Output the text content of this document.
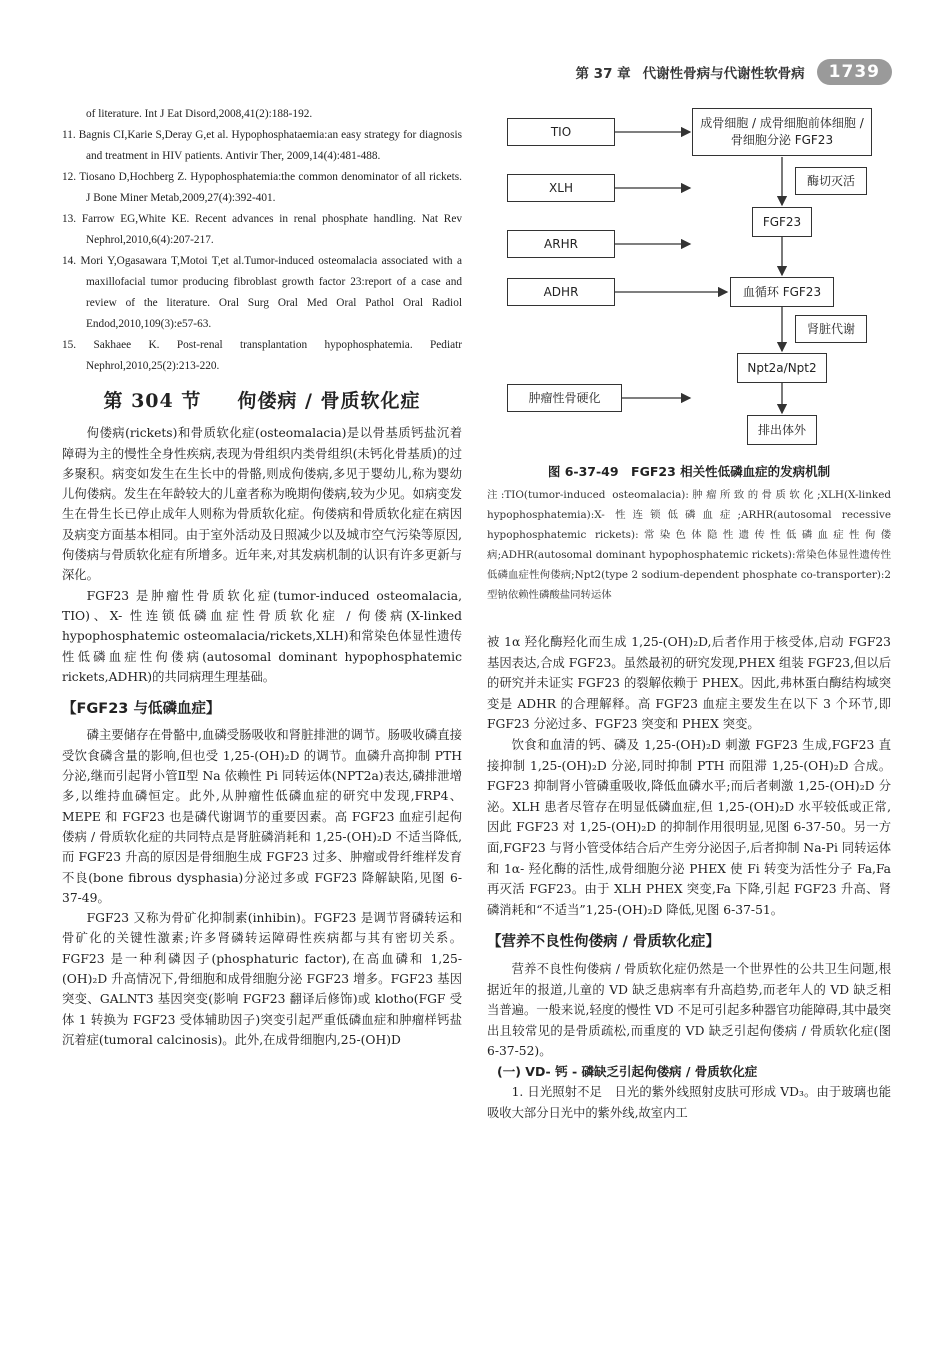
第 37 章 代谢性骨病与代谢性软骨病	1739

of literature. Int J Eat Disord,2008,41(2):188-192.

11. Bagnis CI,Karie S,Deray G,et al. Hypophosphataemia:an easy strategy for diagnosis and treatment in HIV patients. Antivir Ther, 2009,14(4):481-488.

12. Tiosano D,Hochberg Z. Hypophosphatemia:the common denominator of all rickets. J Bone Miner Metab,2009,27(4):392-401.

13. Farrow EG,White KE. Recent advances in renal phosphate handling. Nat Rev Nephrol,2010,6(4):207-217.

14. Mori Y,Ogasawara T,Motoi T,et al.Tumor-induced osteomalacia associated with a maxillofacial tumor producing fibroblast growth factor 23:report of a case and review of the literature. Oral Surg Oral Med Oral Pathol Oral Radiol Endod,2010,109(3):e57-63.

15. Sakhaee K. Post-renal transplantation hypophosphatemia. Pediatr Nephrol,2010,25(2):213-220.

第 304 节 佝偻病 / 骨质软化症

佝偻病(rickets)和骨质软化症(osteomalacia)是以骨基质钙盐沉着障碍为主的慢性全身性疾病,表现为骨组织内类骨组织(未钙化骨基质)的过多聚积。病变如发生在生长中的骨骼,则成佝偻病,多见于婴幼儿,称为婴幼儿佝偻病。发生在年龄较大的儿童者称为晚期佝偻病,较为少见。如病变发生在骨生长已停止成年人则称为骨质软化症。佝偻病和骨质软化症在病因及病变方面基本相同。由于室外活动及日照减少以及城市空气污染等原因,佝偻病与骨质软化症有所增多。近年来,对其发病机制的认识有许多更新与深化。

FGF23 是肿瘤性骨质软化症(tumor-induced osteomalacia, TIO)、X- 性连锁低磷血症性骨质软化症 / 佝偻病(X-linked hypophosphatemic osteomalacia/rickets,XLH)和常染色体显性遗传性低磷血症性佝偻病(autosomal dominant hypophosphatemic rickets,ADHR)的共同病理生理基础。

【FGF23 与低磷血症】

磷主要储存在骨骼中,血磷受肠吸收和肾脏排泄的调节。肠吸收磷直接受饮食磷含量的影响,但也受 1,25-(OH)₂D 的调节。血磷升高抑制 PTH 分泌,继而引起肾小管Ⅱ型 Na 依赖性 Pi 同转运体(NPT2a)表达,磷排泄增多,以维持血磷恒定。此外,从肿瘤性低磷血症的研究中发现,FRP4、MEPE 和 FGF23 也是磷代谢调节的重要因素。高 FGF23 血症引起佝偻病 / 骨质软化症的共同特点是肾脏磷消耗和 1,25-(OH)₂D 不适当降低,而 FGF23 升高的原因是骨细胞生成 FGF23 过多、肿瘤或骨纤维样发育不良(bone fibrous dysphasia)分泌过多或 FGF23 降解缺陷,见图 6-37-49。

FGF23 又称为骨矿化抑制素(inhibin)。FGF23 是调节肾磷转运和骨矿化的关键性激素;许多肾磷转运障碍性疾病都与其有密切关系。FGF23 是一种利磷因子(phosphaturic factor),在高血磷和 1,25-(OH)₂D 升高情况下,骨细胞和成骨细胞分泌 FGF23 增多。FGF23 基因突变、GALNT3 基因突变(影响 FGF23 翻译后修饰)或 klotho(FGF 受体 1 转换为 FGF23 受体辅助因子)突变引起严重低磷血症和肿瘤样钙盐沉着症(tumoral calcinosis)。此外,在成骨细胞内,25-(OH)D

TIO
XLH
ARHR
ADHR
肿瘤性骨硬化
成骨细胞 / 成骨细胞前体细胞 / 骨细胞分泌 FGF23
酶切灭活
FGF23
血循环 FGF23
肾脏代谢
Npt2a/Npt2
排出体外
图 6-37-49　FGF23 相关性低磷血症的发病机制
注:TIO(tumor-induced osteomalacia):肿瘤所致的骨质软化;XLH(X-linked hypophosphatemia):X- 性连锁低磷血症;ARHR(autosomal recessive hypophosphatemic rickets):常染色体隐性遗传性低磷血症性佝偻病;ADHR(autosomal dominant hypophosphatemic rickets):常染色体显性遗传性低磷血症性佝偻病;Npt2(type 2 sodium-dependent phosphate co-transporter):2 型钠依赖性磷酸盐同转运体

被 1α 羟化酶羟化而生成 1,25-(OH)₂D,后者作用于核受体,启动 FGF23 基因表达,合成 FGF23。虽然最初的研究发现,PHEX 组装 FGF23,但以后的研究并未证实 FGF23 的裂解依赖于 PHEX。因此,弗林蛋白酶结构域突变是 ADHR 的合理解释。高 FGF23 血症主要发生在以下 3 个环节,即 FGF23 分泌过多、FGF23 突变和 PHEX 突变。

饮食和血清的钙、磷及 1,25-(OH)₂D 刺激 FGF23 生成,FGF23 直接抑制 1,25-(OH)₂D 分泌,同时抑制 PTH 而阻滞 1,25-(OH)₂D 合成。FGF23 抑制肾小管磷重吸收,降低血磷水平;而后者刺激 1,25-(OH)₂D 分泌。XLH 患者尽管存在明显低磷血症,但 1,25-(OH)₂D 水平较低或正常,因此 FGF23 对 1,25-(OH)₂D 的抑制作用很明显,见图 6-37-50。另一方面,FGF23 与肾小管受体结合后产生旁分泌因子,后者抑制 Na-Pi 同转运体和 1α- 羟化酶的活性,成骨细胞分泌 PHEX 使 Fi 转变为活性分子 Fa,Fa 再灭活 FGF23。由于 XLH PHEX 突变,Fa 下降,引起 FGF23 升高、肾磷消耗和“不适当”1,25-(OH)₂D 降低,见图 6-37-51。

【营养不良性佝偻病 / 骨质软化症】

营养不良性佝偻病 / 骨质软化症仍然是一个世界性的公共卫生问题,根据近年的报道,儿童的 VD 缺乏患病率有升高趋势,而老年人的 VD 缺乏相当普遍。一般来说,轻度的慢性 VD 不足可引起多种器官功能障碍,其中最突出且较常见的是骨质疏松,而重度的 VD 缺乏引起佝偻病 / 骨质软化症(图 6-37-52)。

(一) VD- 钙 - 磷缺乏引起佝偻病 / 骨质软化症

1. 日光照射不足　日光的紫外线照射皮肤可形成 VD₃。由于玻璃也能吸收大部分日光中的紫外线,故室内工
